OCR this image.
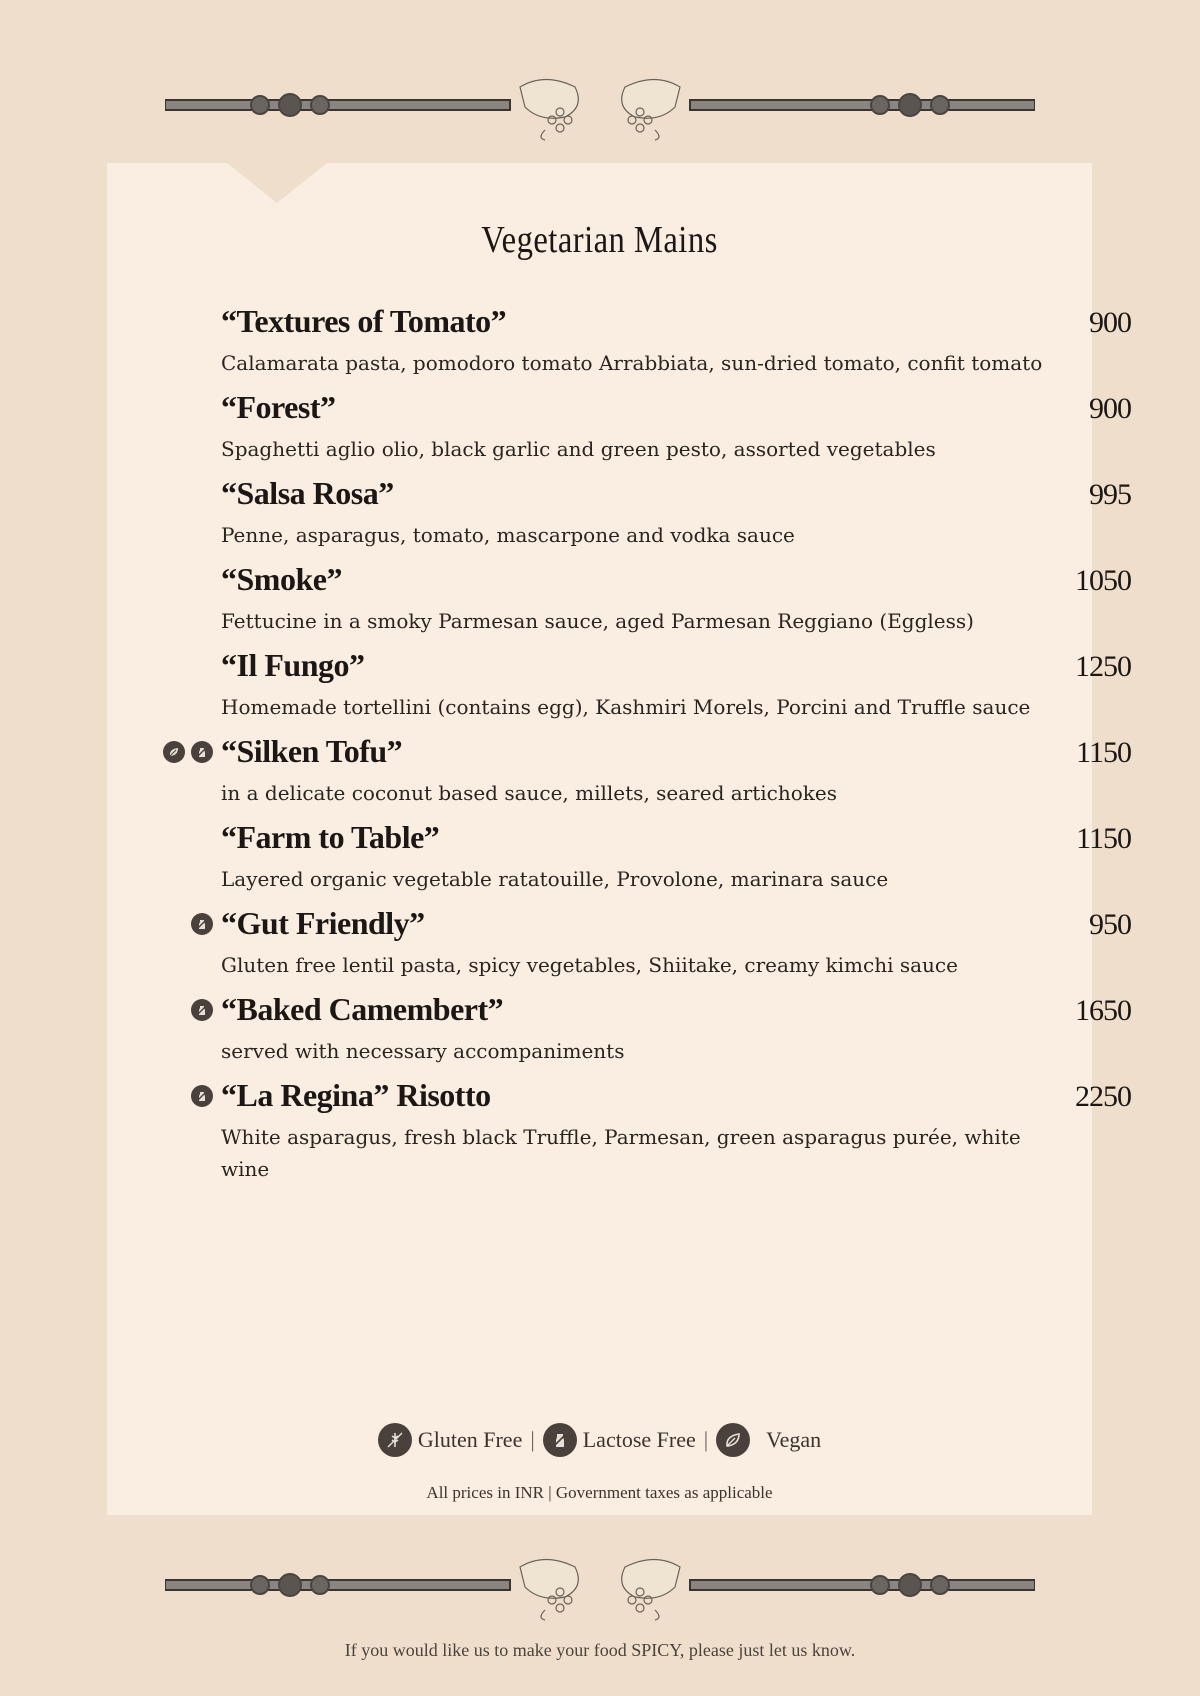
Vegetarian Mains
“Textures of Tomato”	900
Calamarata pasta, pomodoro tomato Arrabbiata, sun-dried tomato, confit tomato
“Forest”	900
Spaghetti aglio olio, black garlic and green pesto, assorted vegetables
“Salsa Rosa”	995
Penne, asparagus, tomato, mascarpone and vodka sauce
“Smoke”	1050
Fettucine in a smoky Parmesan sauce, aged Parmesan Reggiano (Eggless)
“Il Fungo”	1250
Homemade tortellini (contains egg), Kashmiri Morels, Porcini and Truffle sauce
“Silken Tofu”	1150
in a delicate coconut based sauce, millets, seared artichokes
“Farm to Table”	1150
Layered organic vegetable ratatouille, Provolone, marinara sauce
“Gut Friendly”	950
Gluten free lentil pasta, spicy vegetables, Shiitake, creamy kimchi sauce
“Baked Camembert”	1650
served with necessary accompaniments
“La Regina” Risotto	2250
White asparagus, fresh black Truffle, Parmesan, green asparagus purée, white wine
Gluten Free | Lactose Free |	Vegan
All prices in INR | Government taxes as applicable
If you would like us to make your food SPICY, please just let us know.
